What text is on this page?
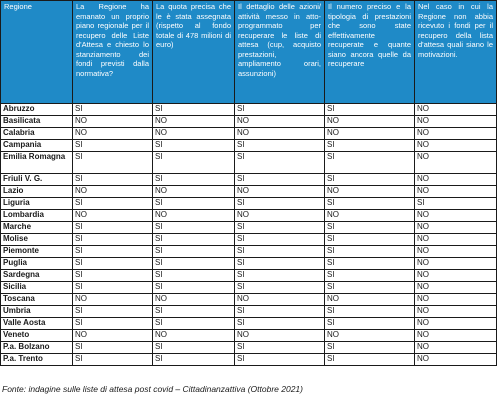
Regione	La Regione ha emanato un proprio piano regionale per il recupero delle Liste d'Attesa e chiesto lo stanziamento dei fondi previsti dalla normativa?	La quota precisa che le è stata assegnata (rispetto al fondo totale di 478 milioni di euro)	Il dettaglio delle azioni/ attività messo in atto- programmato per recuperare le liste di attesa (cup, acquisto prestazioni, ampliamento orari, assunzioni)	Il numero preciso e la tipologia di prestazioni che sono state effettivamente recuperate e quante siano ancora quelle da recuperare	Nel caso in cui la Regione non abbia ricevuto i fondi per il recupero della lista d'attesa quali siano le motivazioni.
Abruzzo	SI	SI	SI	SI	NO
Basilicata	NO	NO	NO	NO	NO
Calabria	NO	NO	NO	NO	NO
Campania	SI	SI	SI	SI	NO
Emilia Romagna	SI	SI	SI	SI	NO
Friuli V. G.	SI	SI	SI	SI	NO
Lazio	NO	NO	NO	NO	NO
Liguria	SI	SI	SI	SI	SI
Lombardia	NO	NO	NO	NO	NO
Marche	SI	SI	SI	SI	NO
Molise	SI	SI	SI	SI	NO
Piemonte	SI	SI	SI	SI	NO
Puglia	SI	SI	SI	SI	NO
Sardegna	SI	SI	SI	SI	NO
Sicilia	SI	SI	SI	SI	NO
Toscana	NO	NO	NO	NO	NO
Umbria	SI	SI	SI	SI	NO
Valle Aosta	SI	SI	SI	SI	NO
Veneto	NO	NO	NO	NO	NO
P.a. Bolzano	SI	SI	SI	SI	NO
P.a. Trento	SI	SI	SI	SI	NO
Fonte: indagine sulle liste di attesa post covid – Cittadinanzattiva (Ottobre 2021)
